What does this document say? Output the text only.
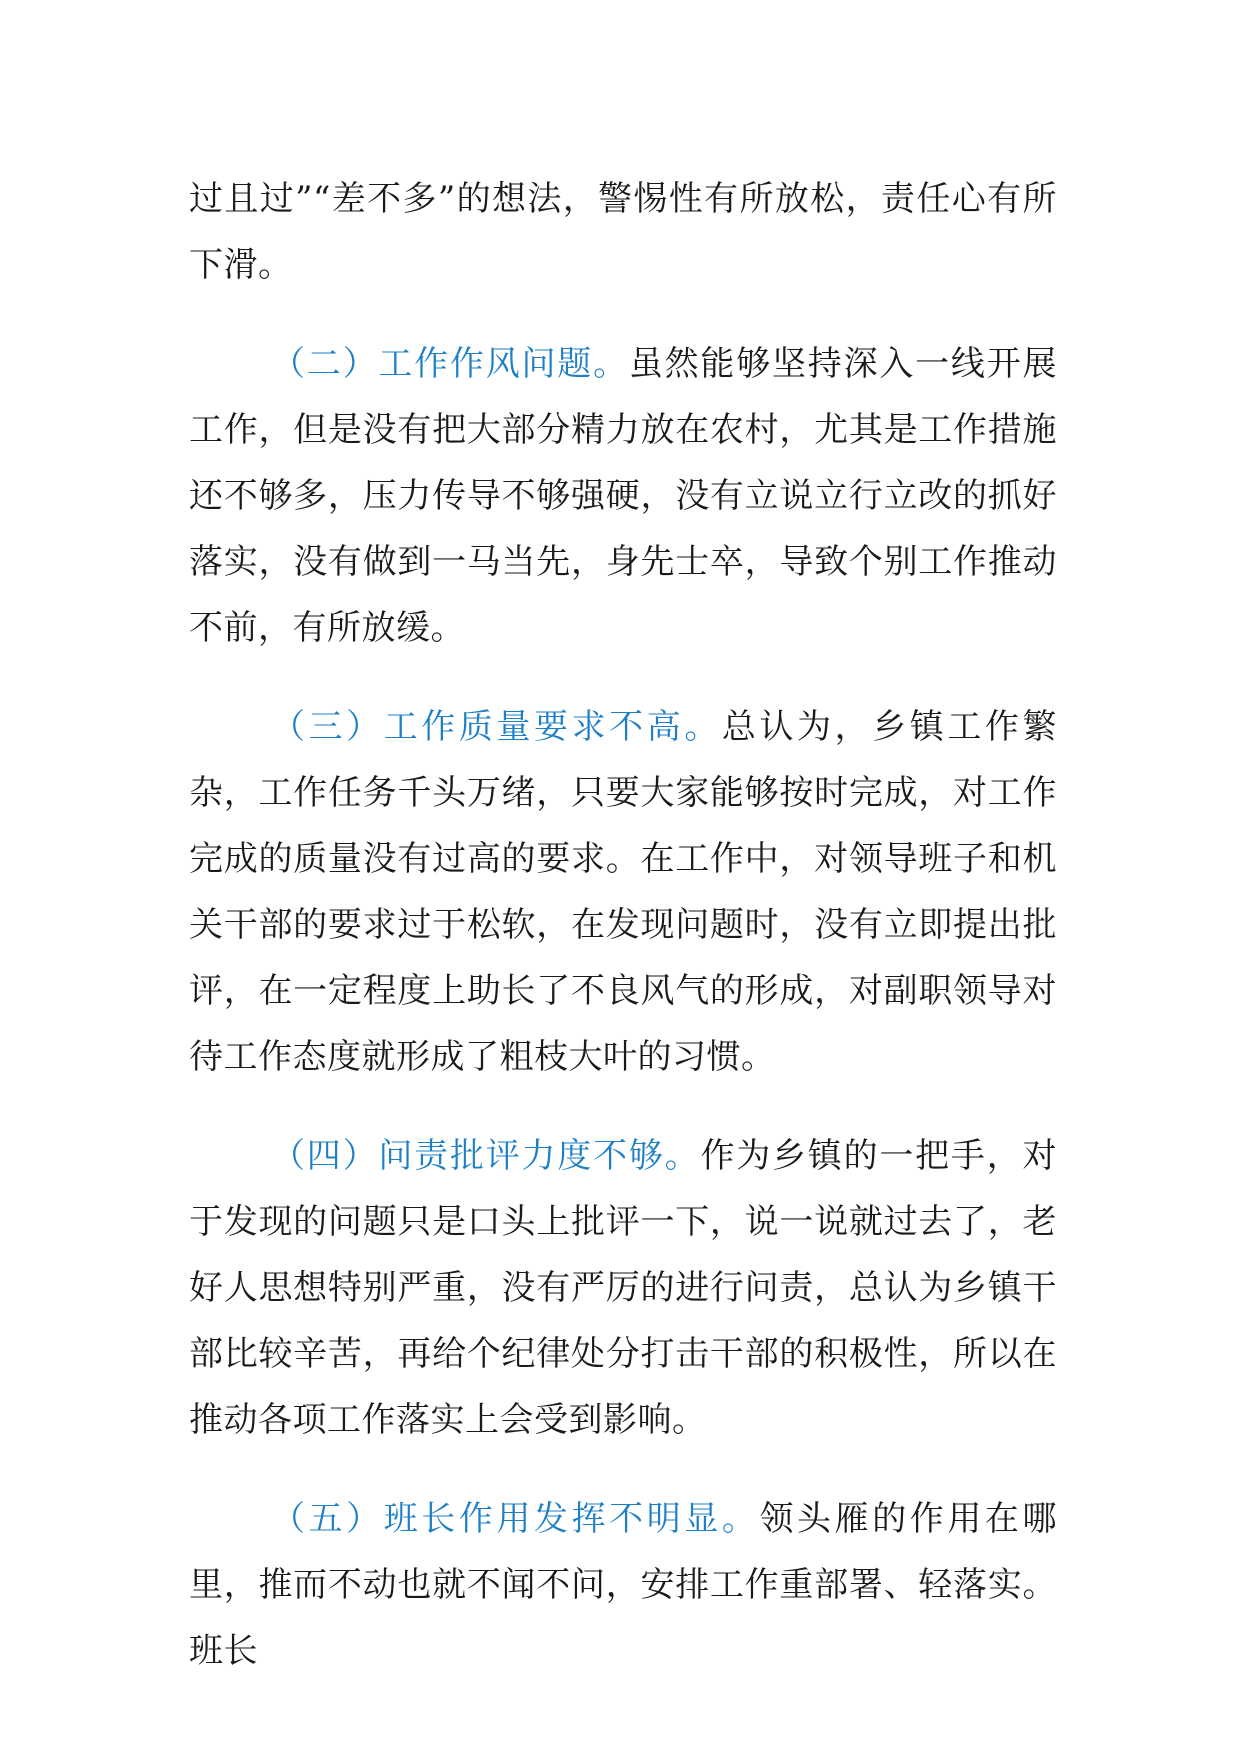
过且过”“差不多”的想法，警惕性有所放松，责任心有所下滑。

（二）工作作风问题。虽然能够坚持深入一线开展工作，但是没有把大部分精力放在农村，尤其是工作措施还不够多，压力传导不够强硬，没有立说立行立改的抓好落实，没有做到一马当先，身先士卒，导致个别工作推动不前，有所放缓。

（三）工作质量要求不高。总认为，乡镇工作繁杂，工作任务千头万绪，只要大家能够按时完成，对工作完成的质量没有过高的要求。在工作中，对领导班子和机关干部的要求过于松软，在发现问题时，没有立即提出批评，在一定程度上助长了不良风气的形成，对副职领导对待工作态度就形成了粗枝大叶的习惯。

（四）问责批评力度不够。作为乡镇的一把手，对于发现的问题只是口头上批评一下，说一说就过去了，老好人思想特别严重，没有严厉的进行问责，总认为乡镇干部比较辛苦，再给个纪律处分打击干部的积极性，所以在推动各项工作落实上会受到影响。

（五）班长作用发挥不明显。领头雁的作用在哪里，推而不动也就不闻不问，安排工作重部署、轻落实。班长
